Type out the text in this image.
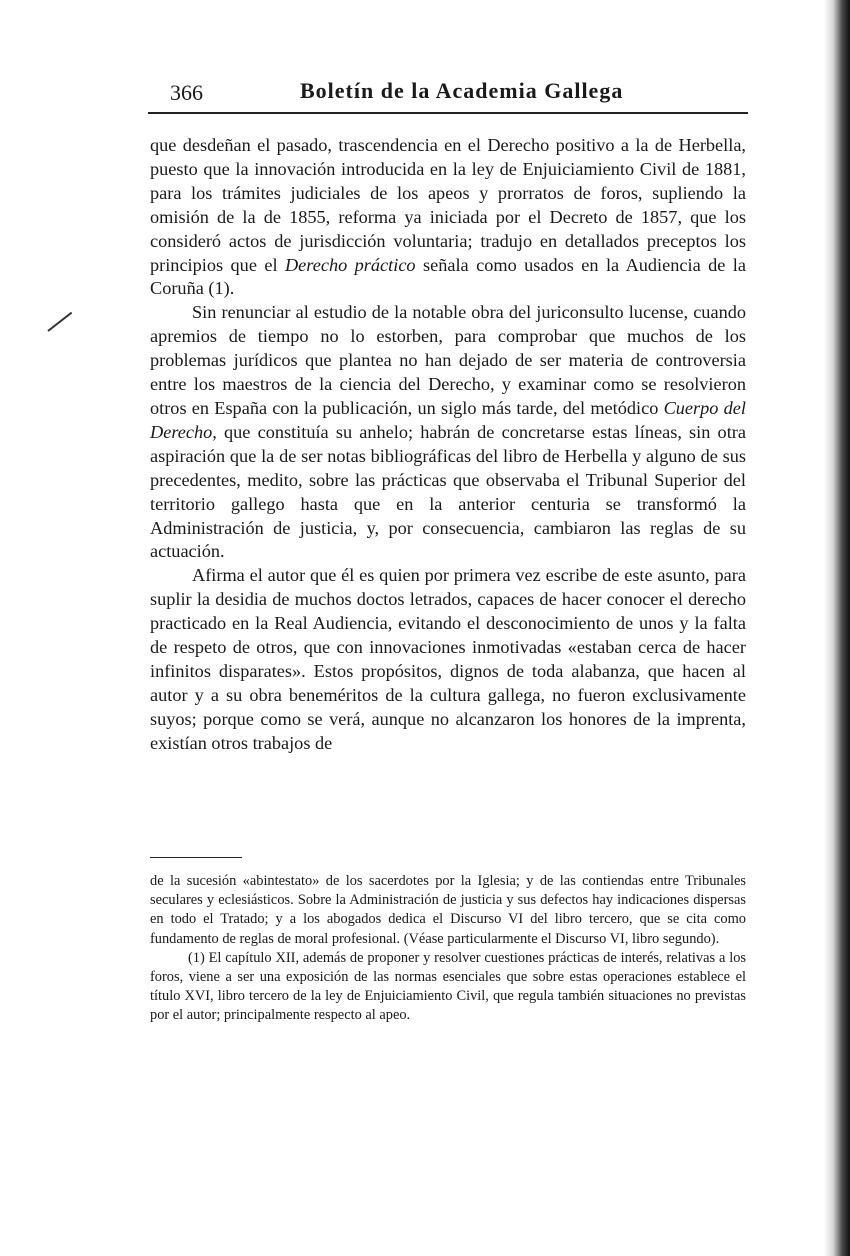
366	Boletín de la Academia Gallega

que desdeñan el pasado, trascendencia en el Derecho positivo a la de Herbella, puesto que la innovación introducida en la ley de Enjuiciamiento Civil de 1881, para los trámites judiciales de los apeos y prorratos de foros, supliendo la omisión de la de 1855, reforma ya iniciada por el Decreto de 1857, que los consideró actos de jurisdicción voluntaria; tradujo en detallados preceptos los principios que el Derecho práctico señala como usados en la Audiencia de la Coruña (1).

Sin renunciar al estudio de la notable obra del juriconsulto lucense, cuando apremios de tiempo no lo estorben, para comprobar que muchos de los problemas jurídicos que plantea no han dejado de ser materia de controversia entre los maestros de la ciencia del Derecho, y examinar como se resolvieron otros en España con la publicación, un siglo más tarde, del metódico Cuerpo del Derecho, que constituía su anhelo; habrán de concretarse estas líneas, sin otra aspiración que la de ser notas bibliográficas del libro de Herbella y alguno de sus precedentes, medito, sobre las prácticas que observaba el Tribunal Superior del territorio gallego hasta que en la anterior centuria se transformó la Administración de justicia, y, por consecuencia, cambiaron las reglas de su actuación.

Afirma el autor que él es quien por primera vez escribe de este asunto, para suplir la desidia de muchos doctos letrados, capaces de hacer conocer el derecho practicado en la Real Audiencia, evitando el desconocimiento de unos y la falta de respeto de otros, que con innovaciones inmotivadas «estaban cerca de hacer infinitos disparates». Estos propósitos, dignos de toda alabanza, que hacen al autor y a su obra beneméritos de la cultura gallega, no fueron exclusivamente suyos; porque como se verá, aunque no alcanzaron los honores de la imprenta, existían otros trabajos de

de la sucesión «abintestato» de los sacerdotes por la Iglesia; y de las contiendas entre Tribunales seculares y eclesiásticos. Sobre la Administración de justicia y sus defectos hay indicaciones dispersas en todo el Tratado; y a los abogados dedica el Discurso VI del libro tercero, que se cita como fundamento de reglas de moral profesional. (Véase particularmente el Discurso VI, libro segundo).

(1) El capítulo XII, además de proponer y resolver cuestiones prácticas de interés, relativas a los foros, viene a ser una exposición de las normas esenciales que sobre estas operaciones establece el título XVI, libro tercero de la ley de Enjuiciamiento Civil, que regula también situaciones no previstas por el autor; principalmente respecto al apeo.
